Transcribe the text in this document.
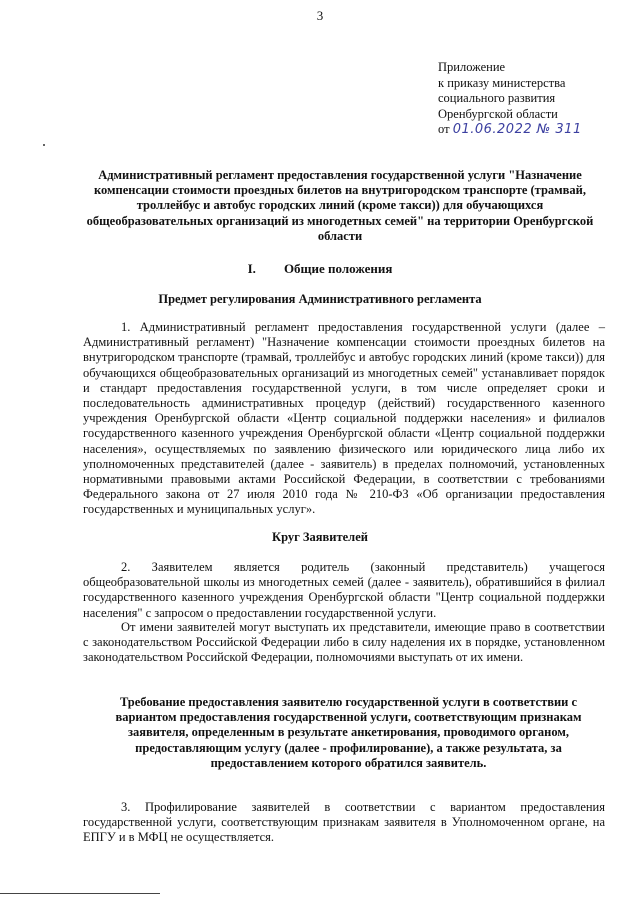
3
Приложение
к приказу министерства
социального развития
Оренбургской области
от 01.06.2022 № 311
Административный регламент предоставления государственной услуги "Назначение компенсации стоимости проездных билетов на внутригородском транспорте (трамвай, троллейбус и автобус городских линий (кроме такси)) для обучающихся общеобразовательных организаций из многодетных семей" на территории Оренбургской области
I. Общие положения
Предмет регулирования Административного регламента
1. Административный регламент предоставления государственной услуги (далее – Административный регламент) "Назначение компенсации стоимости проездных билетов на внутригородском транспорте (трамвай, троллейбус и автобус городских линий (кроме такси)) для обучающихся общеобразовательных организаций из многодетных семей" устанавливает порядок и стандарт предоставления государственной услуги, в том числе определяет сроки и последовательность административных процедур (действий) государственного казенного учреждения Оренбургской области «Центр социальной поддержки населения» и филиалов государственного казенного учреждения Оренбургской области «Центр социальной поддержки населения», осуществляемых по заявлению физического или юридического лица либо их уполномоченных представителей (далее - заявитель) в пределах полномочий, установленных нормативными правовыми актами Российской Федерации, в соответствии с требованиями Федерального закона от 27 июля 2010 года № 210-ФЗ «Об организации предоставления государственных и муниципальных услуг».
Круг Заявителей
2. Заявителем является родитель (законный представитель) учащегося общеобразовательной школы из многодетных семей (далее - заявитель), обратившийся в филиал государственного казенного учреждения Оренбургской области "Центр социальной поддержки населения" с запросом о предоставлении государственной услуги.
От имени заявителей могут выступать их представители, имеющие право в соответствии с законодательством Российской Федерации либо в силу наделения их в порядке, установленном законодательством Российской Федерации, полномочиями выступать от их имени.
Требование предоставления заявителю государственной услуги в соответствии с вариантом предоставления государственной услуги, соответствующим признакам заявителя, определенным в результате анкетирования, проводимого органом, предоставляющим услугу (далее - профилирование), а также результата, за предоставлением которого обратился заявитель.
3. Профилирование заявителей в соответствии с вариантом предоставления государственной услуги, соответствующим признакам заявителя в Уполномоченном органе, на ЕПГУ и в МФЦ не осуществляется.
